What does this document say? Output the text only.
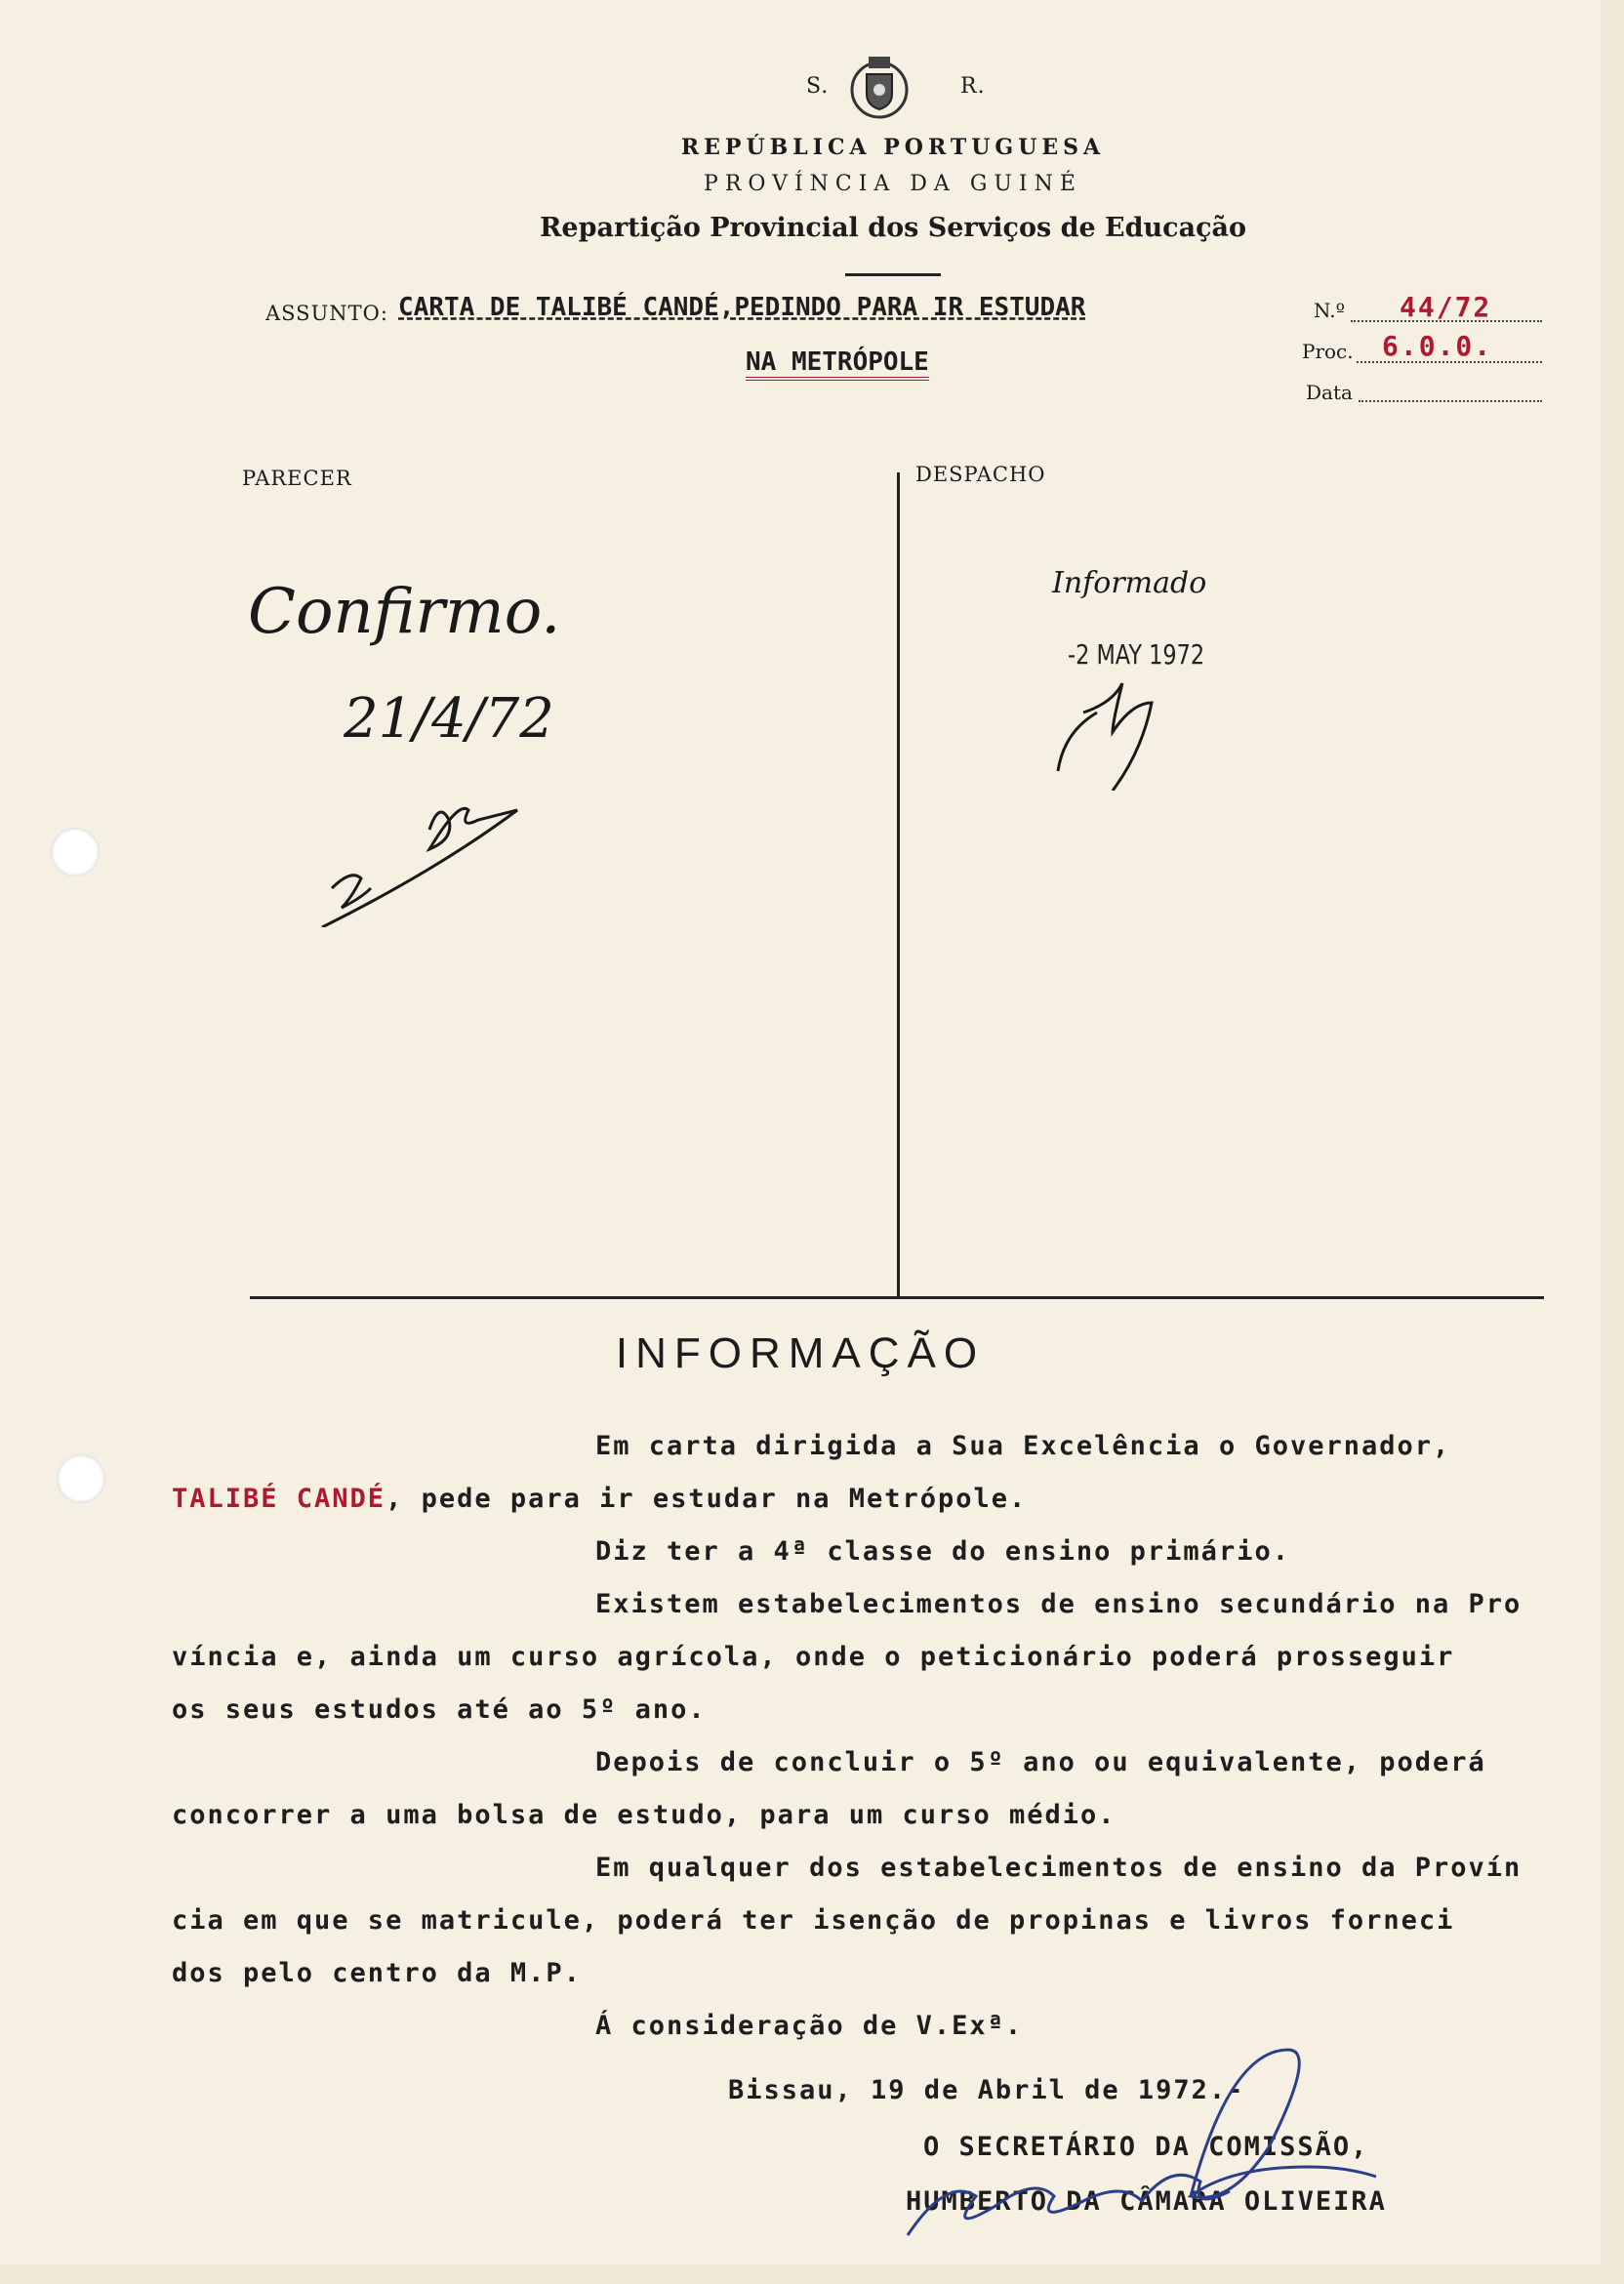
S.	R.
REPÚBLICA PORTUGUESA
PROVÍNCIA DA GUINÉ
Repartição Provincial dos Serviços de Educação
ASSUNTO: CARTA DE TALIBÉ CANDÉ,PEDINDO PARA IR ESTUDAR
NA METRÓPOLE
N.º 44/72
Proc. 6.0.0.
Data
PARECER	DESPACHO
Confirmo.
21/4/72
Informado
-2 MAY 1972
INFORMAÇÃO
Em carta dirigida a Sua Excelência o Governador,
TALIBÉ CANDÉ, pede para ir estudar na Metrópole.
Diz ter a 4ª classe do ensino primário.
Existem estabelecimentos de ensino secundário na Pro
víncia e, ainda um curso agrícola, onde o peticionário poderá prosseguir
os seus estudos até ao 5º ano.
Depois de concluir o 5º ano ou equivalente, poderá
concorrer a uma bolsa de estudo, para um curso médio.
Em qualquer dos estabelecimentos de ensino da Provín
cia em que se matricule, poderá ter isenção de propinas e livros forneci
dos pelo centro da M.P.
Á consideração de V.Exª.
Bissau, 19 de Abril de 1972.-
O SECRETÁRIO DA COMISSÃO,
HUMBERTO DA CÂMARA OLIVEIRA
